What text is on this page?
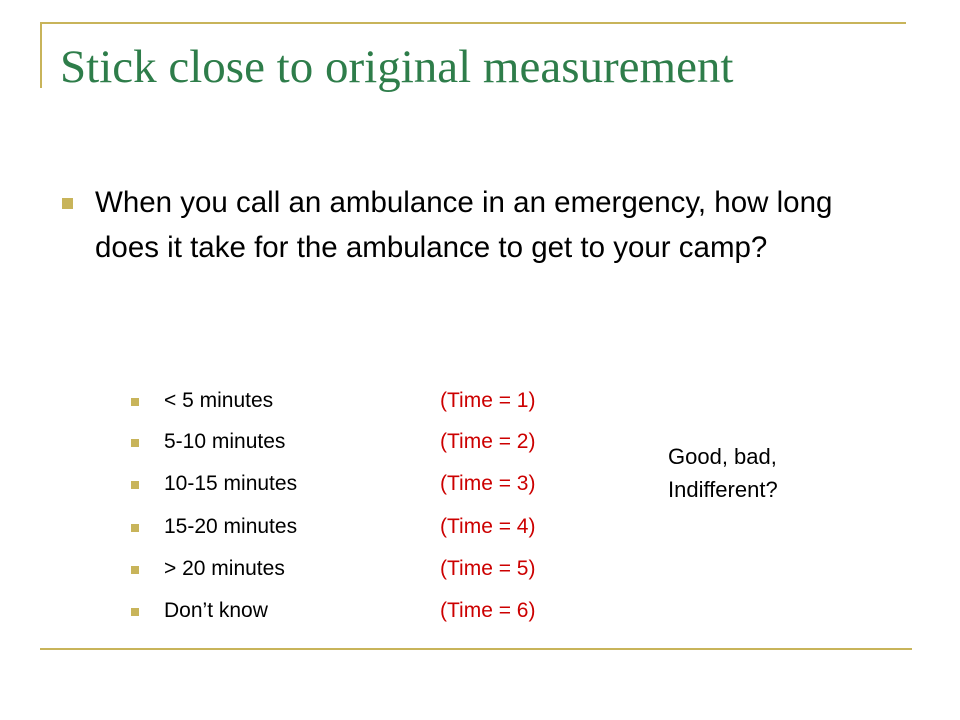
Stick close to original measurement
When you call an ambulance in an emergency, how long does it take for the ambulance to get to your camp?
< 5 minutes	(Time = 1)
5-10 minutes	(Time = 2)
10-15 minutes	(Time = 3)
15-20 minutes	(Time = 4)
> 20 minutes	(Time = 5)
Don’t know	(Time = 6)
Good, bad,
Indifferent?
